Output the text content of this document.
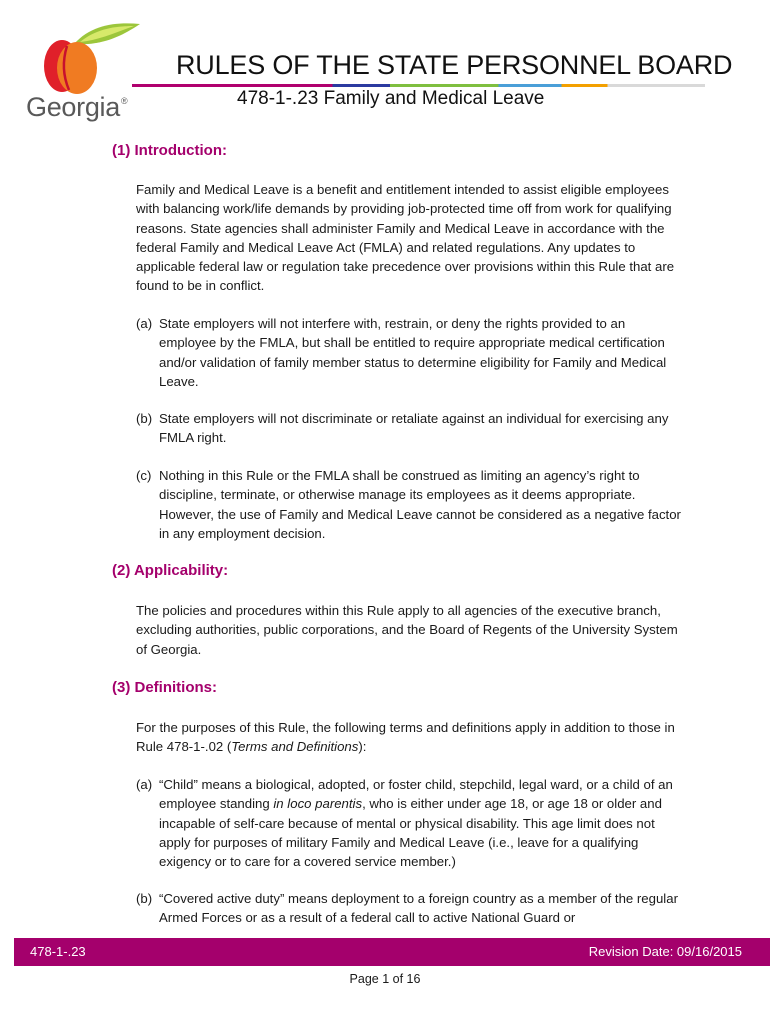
Georgia®
RULES OF THE STATE PERSONNEL BOARD
478-1-.23 Family and Medical Leave
(1) Introduction:
Family and Medical Leave is a benefit and entitlement intended to assist eligible employees with balancing work/life demands by providing job-protected time off from work for qualifying reasons. State agencies shall administer Family and Medical Leave in accordance with the federal Family and Medical Leave Act (FMLA) and related regulations. Any updates to applicable federal law or regulation take precedence over provisions within this Rule that are found to be in conflict.
(a) State employers will not interfere with, restrain, or deny the rights provided to an employee by the FMLA, but shall be entitled to require appropriate medical certification and/or validation of family member status to determine eligibility for Family and Medical Leave.
(b) State employers will not discriminate or retaliate against an individual for exercising any FMLA right.
(c) Nothing in this Rule or the FMLA shall be construed as limiting an agency’s right to discipline, terminate, or otherwise manage its employees as it deems appropriate. However, the use of Family and Medical Leave cannot be considered as a negative factor in any employment decision.
(2) Applicability:
The policies and procedures within this Rule apply to all agencies of the executive branch, excluding authorities, public corporations, and the Board of Regents of the University System of Georgia.
(3) Definitions:
For the purposes of this Rule, the following terms and definitions apply in addition to those in Rule 478-1-.02 (Terms and Definitions):
(a) “Child” means a biological, adopted, or foster child, stepchild, legal ward, or a child of an employee standing in loco parentis, who is either under age 18, or age 18 or older and incapable of self-care because of mental or physical disability. This age limit does not apply for purposes of military Family and Medical Leave (i.e., leave for a qualifying exigency or to care for a covered service member.)
(b) “Covered active duty” means deployment to a foreign country as a member of the regular Armed Forces or as a result of a federal call to active National Guard or
478-1-.23	Revision Date: 09/16/2015
Page 1 of 16
